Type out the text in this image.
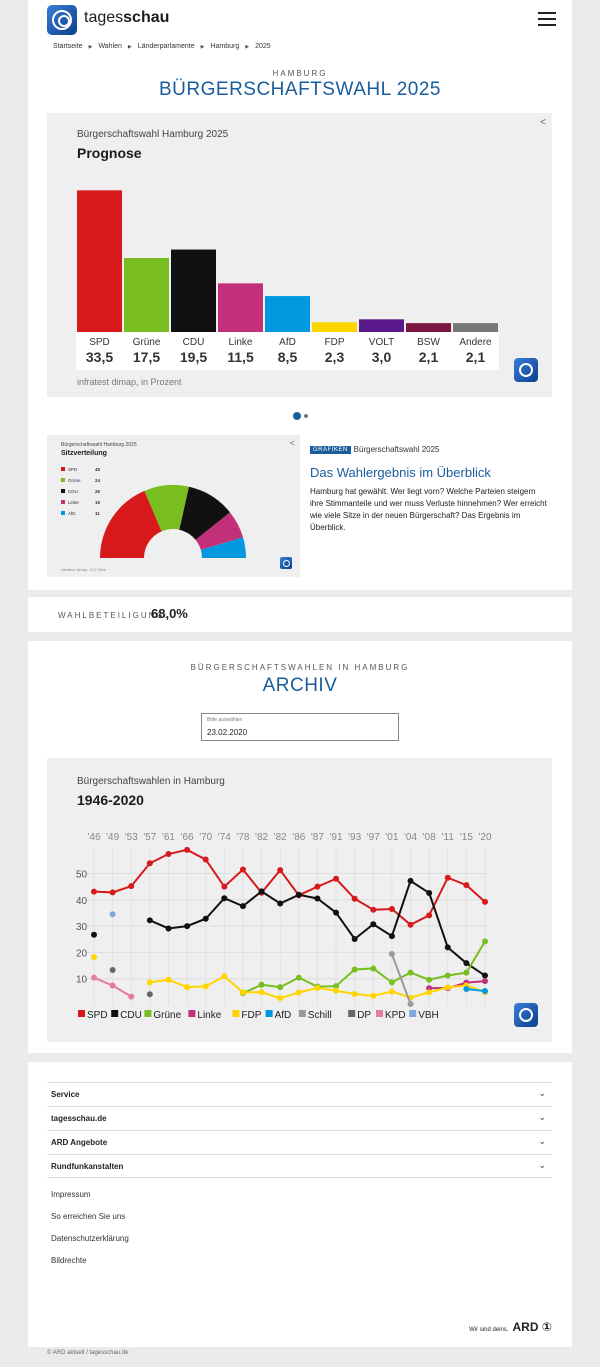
tagesschau
Startseite ▶ Wahlen ▶ Länderparlamente ▶ Hamburg ▶ 2025
HAMBURG
BÜRGERSCHAFTSWAHL 2025
<
Bürgerschaftswahl Hamburg 2025
Prognose
SPD
33,5
Grüne
17,5
CDU
19,5
Linke
11,5
AfD
8,5
FDP
2,3
VOLT
3,0
BSW
2,1
Andere
2,1
infratest dimap, in Prozent
Bürgerschaftswahl Hamburg 2025
Sitzverteilung
<
SPD	45
Grüne	24
CDU	26
Linke	15
AfD	11
infratest dimap, 121 Sitze
GRAFIKEN Bürgerschaftswahl 2025
Das Wahlergebnis im Überblick
Hamburg hat gewählt. Wer liegt vorn? Welche Parteien steigern ihre Stimmanteile und wer muss Verluste hinnehmen? Wer erreicht wie viele Sitze in der neuen Bürgerschaft? Das Ergebnis im Überblick.
WAHLBETEILIGUNG:
68,0%
BÜRGERSCHAFTSWAHLEN IN HAMBURG
ARCHIV
Bitte auswählen
23.02.2020
Bürgerschaftswahlen in Hamburg
1946-2020
10
20
30
40
50
'46 '49 '53 '57 '61 '66 '70 '74 '78 '82 '82 '86 '87 '91 '93 '97 '01 '04 '08 '11 '15 '20
SPD CDU Grüne Linke FDP AfD Schill	DP KPD VBH
Service	⌄
tagesschau.de	⌄
ARD Angebote	⌄
Rundfunkanstalten	⌄
Impressum
So erreichen Sie uns
Datenschutzerklärung
Bildrechte
Wir sind deins. ARD ①
© ARD aktuell / tagesschau.de
